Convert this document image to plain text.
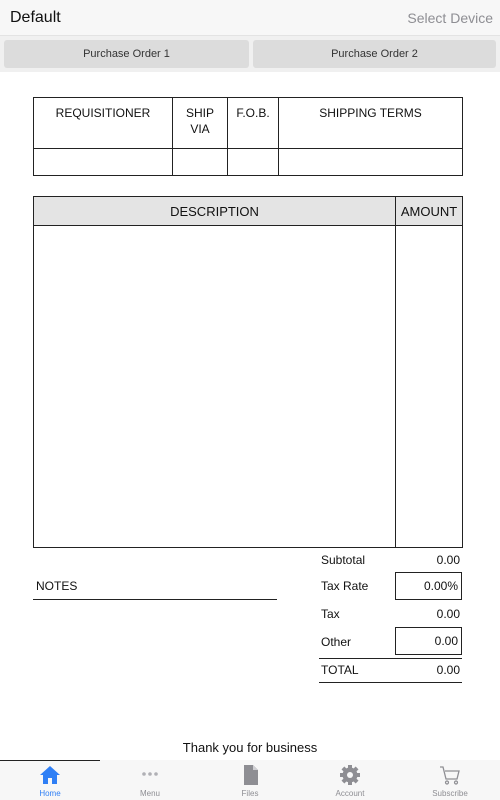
Default	Select Device
Purchase Order 1	Purchase Order 2
REQUISITIONER	SHIP VIA	F.O.B.	SHIPPING TERMS

DESCRIPTION	AMOUNT

Subtotal	0.00
Tax Rate	0.00%
Tax	0.00
Other	0.00
TOTAL	0.00
NOTES
Thank you for business
Home	Menu	Files	Account	Subscribe
